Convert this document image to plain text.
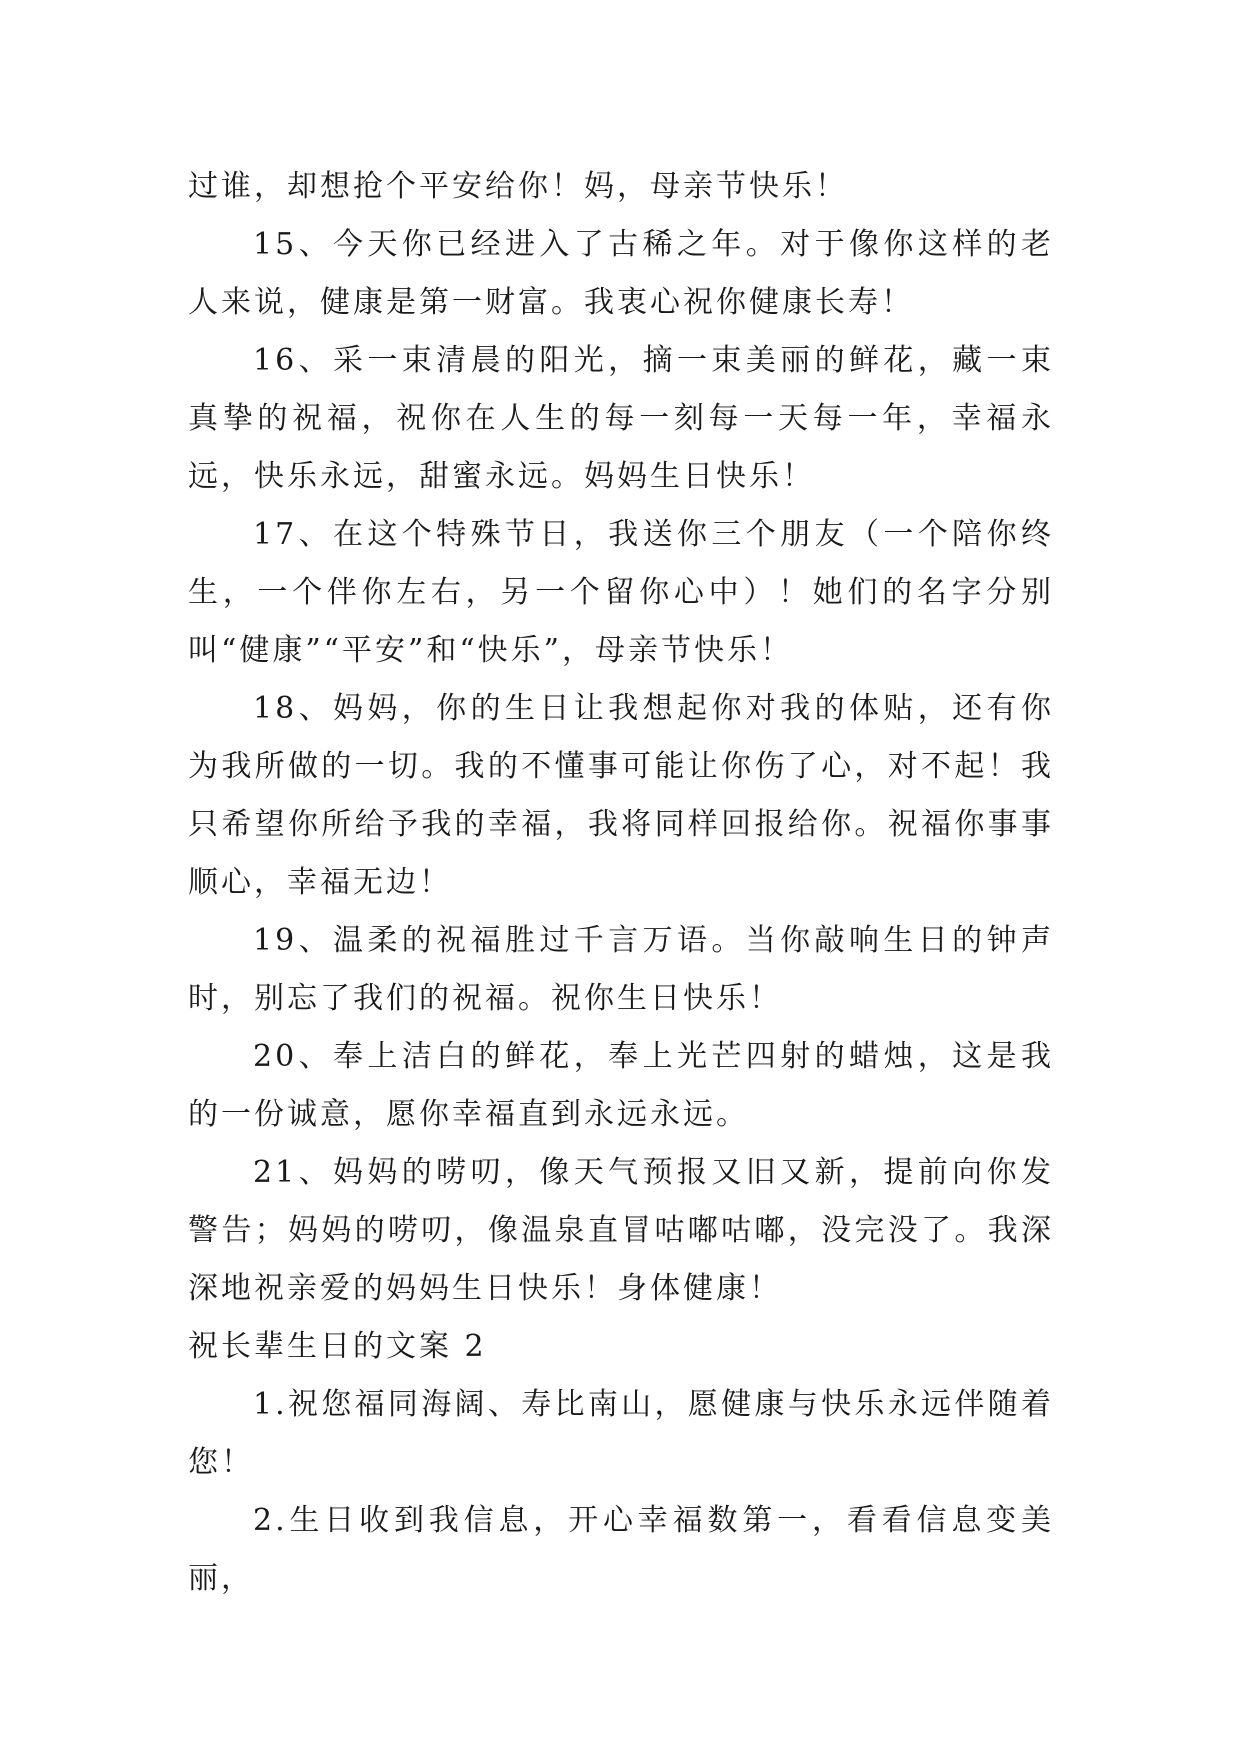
过谁，却想抢个平安给你！妈，母亲节快乐！

15、今天你已经进入了古稀之年。对于像你这样的老人来说，健康是第一财富。我衷心祝你健康长寿！

16、采一束清晨的阳光，摘一束美丽的鲜花，藏一束真挚的祝福，祝你在人生的每一刻每一天每一年，幸福永远，快乐永远，甜蜜永远。妈妈生日快乐！

17、在这个特殊节日，我送你三个朋友（一个陪你终生，一个伴你左右，另一个留你心中）！她们的名字分别叫“健康”“平安”和“快乐”，母亲节快乐！

18、妈妈，你的生日让我想起你对我的体贴，还有你为我所做的一切。我的不懂事可能让你伤了心，对不起！我只希望你所给予我的幸福，我将同样回报给你。祝福你事事顺心，幸福无边！

19、温柔的祝福胜过千言万语。当你敲响生日的钟声时，别忘了我们的祝福。祝你生日快乐！

20、奉上洁白的鲜花，奉上光芒四射的蜡烛，这是我的一份诚意，愿你幸福直到永远永远。

21、妈妈的唠叨，像天气预报又旧又新，提前向你发警告；妈妈的唠叨，像温泉直冒咕嘟咕嘟，没完没了。我深深地祝亲爱的妈妈生日快乐！身体健康！

祝长辈生日的文案 2

1.祝您福同海阔、寿比南山，愿健康与快乐永远伴随着您！

2.生日收到我信息，开心幸福数第一，看看信息变美丽，
